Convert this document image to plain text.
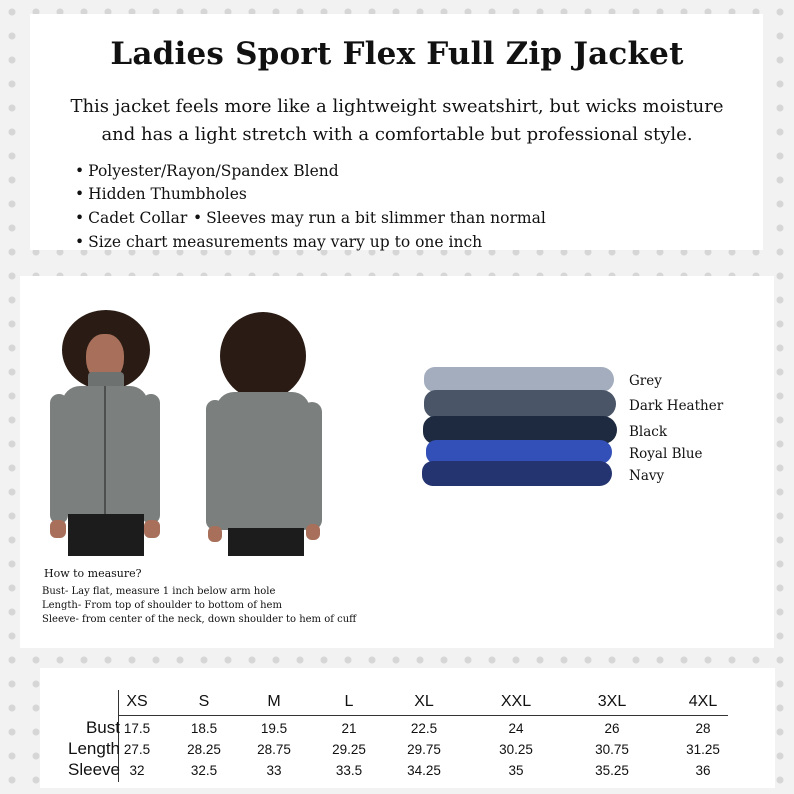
Ladies Sport Flex Full Zip Jacket
This jacket feels more like a lightweight sweatshirt, but wicks moisture
and has a light stretch with a comfortable but professional style.
• Polyester/Rayon/Spandex Blend
• Hidden Thumbholes
• Cadet Collar • Sleeves may run a bit slimmer than normal
• Size chart measurements may vary up to one inch
How to measure?
Bust- Lay flat, measure 1 inch below arm hole
Length- From top of shoulder to bottom of hem
Sleeve- from center of the neck, down shoulder to hem of cuff
Grey
Dark Heather
Black
Royal Blue
Navy
XS	S	M	L	XL	XXL	3XL	4XL
Bust 17.5	18.5	19.5	21	22.5	24	26	28
Length 27.5	28.25	28.75	29.25	29.75	30.25	30.75	31.25
Sleeve 32	32.5	33	33.5	34.25	35	35.25	36
